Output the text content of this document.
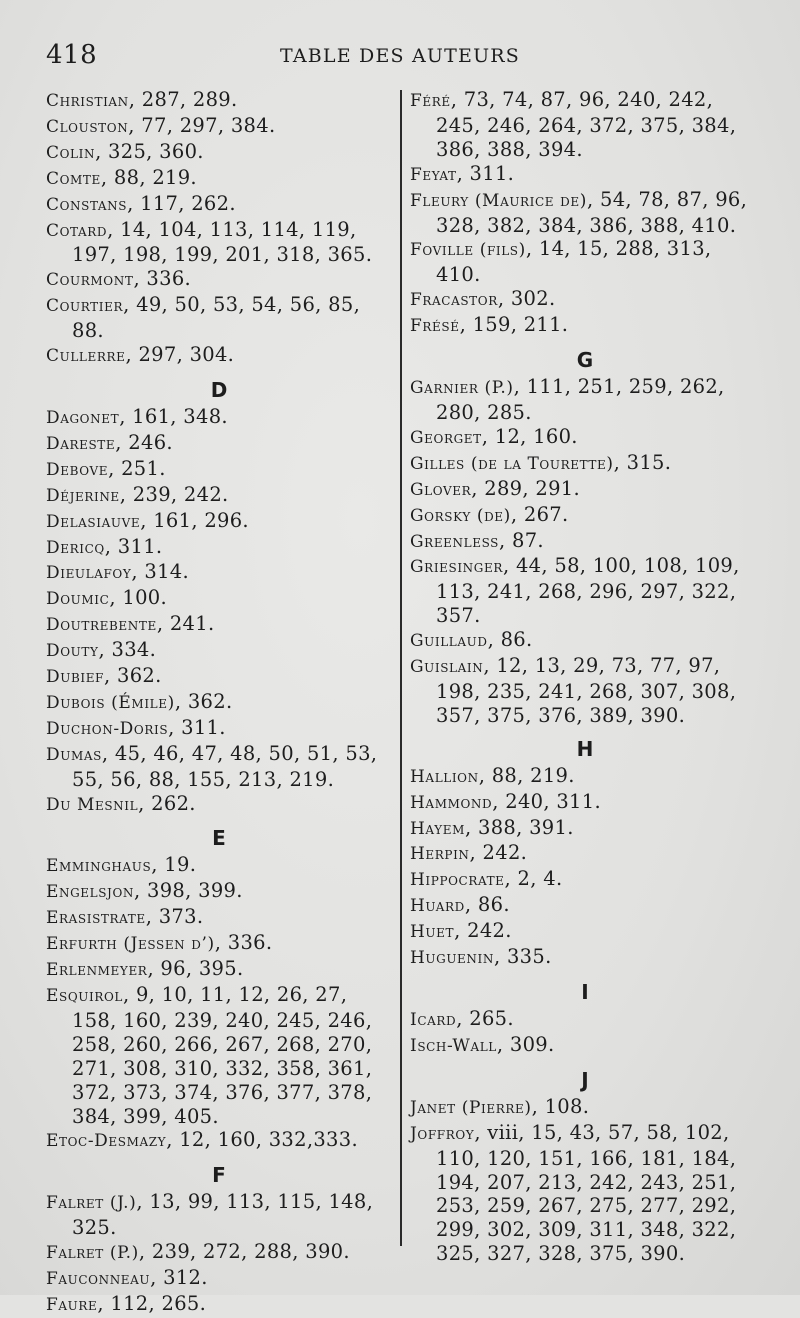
418	TABLE DES AUTEURS
Christian, 287, 289.
Clouston, 77, 297, 384.
Colin, 325, 360.
Comte, 88, 219.
Constans, 117, 262.
Cotard, 14, 104, 113, 114, 119, 197, 198, 199, 201, 318, 365.
Courmont, 336.
Courtier, 49, 50, 53, 54, 56, 85, 88.
Cullerre, 297, 304.
D
Dagonet, 161, 348.
Dareste, 246.
Debove, 251.
Déjerine, 239, 242.
Delasiauve, 161, 296.
Dericq, 311.
Dieulafoy, 314.
Doumic, 100.
Doutrebente, 241.
Douty, 334.
Dubief, 362.
Dubois (Émile), 362.
Duchon-Doris, 311.
Dumas, 45, 46, 47, 48, 50, 51, 53, 55, 56, 88, 155, 213, 219.
Du Mesnil, 262.
E
Emminghaus, 19.
Engelsjon, 398, 399.
Erasistrate, 373.
Erfurth (Jessen d’), 336.
Erlenmeyer, 96, 395.
Esquirol, 9, 10, 11, 12, 26, 27, 158, 160, 239, 240, 245, 246, 258, 260, 266, 267, 268, 270, 271, 308, 310, 332, 358, 361, 372, 373, 374, 376, 377, 378, 384, 399, 405.
Etoc-Desmazy, 12, 160, 332,333.
F
Falret (J.), 13, 99, 113, 115, 148, 325.
Falret (P.), 239, 272, 288, 390.
Fauconneau, 312.
Faure, 112, 265.
Féré, 73, 74, 87, 96, 240, 242, 245, 246, 264, 372, 375, 384, 386, 388, 394.
Feyat, 311.
Fleury (Maurice de), 54, 78, 87, 96, 328, 382, 384, 386, 388, 410.
Foville (fils), 14, 15, 288, 313, 410.
Fracastor, 302.
Frésé, 159, 211.
G
Garnier (P.), 111, 251, 259, 262, 280, 285.
Georget, 12, 160.
Gilles (de la Tourette), 315.
Glover, 289, 291.
Gorsky (de), 267.
Greenless, 87.
Griesinger, 44, 58, 100, 108, 109, 113, 241, 268, 296, 297, 322, 357.
Guillaud, 86.
Guislain, 12, 13, 29, 73, 77, 97, 198, 235, 241, 268, 307, 308, 357, 375, 376, 389, 390.
H
Hallion, 88, 219.
Hammond, 240, 311.
Hayem, 388, 391.
Herpin, 242.
Hippocrate, 2, 4.
Huard, 86.
Huet, 242.
Huguenin, 335.
I
Icard, 265.
Isch-Wall, 309.
J
Janet (Pierre), 108.
Joffroy, viii, 15, 43, 57, 58, 102, 110, 120, 151, 166, 181, 184, 194, 207, 213, 242, 243, 251, 253, 259, 267, 275, 277, 292, 299, 302, 309, 311, 348, 322, 325, 327, 328, 375, 390.
